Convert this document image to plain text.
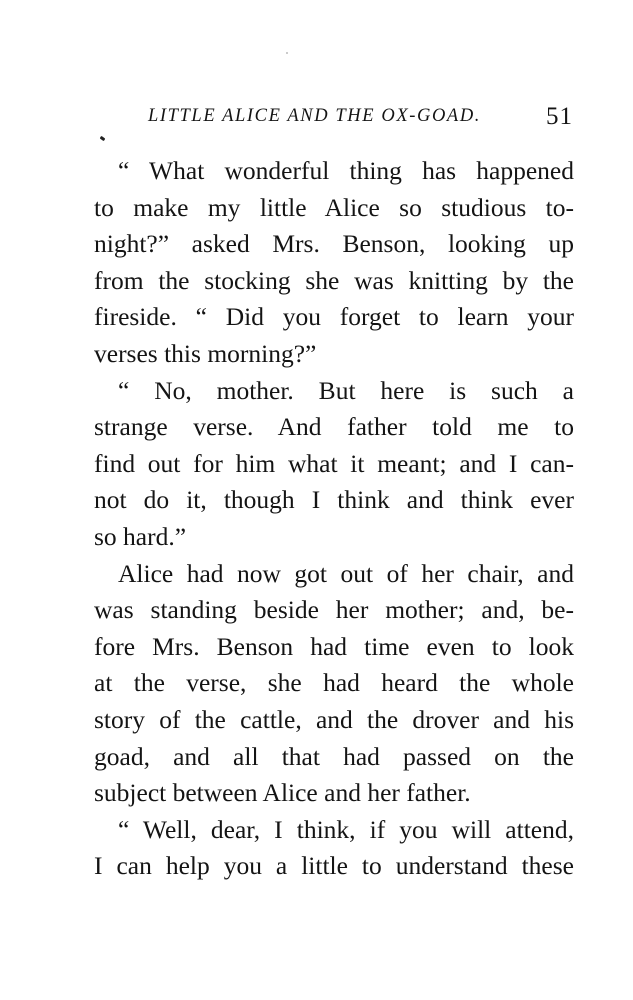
LITTLE ALICE AND THE OX-GOAD.	51
“ What wonderful thing has happened
to make my little Alice so studious to-
night?” asked Mrs. Benson, looking up
from the stocking she was knitting by the
fireside. “ Did you forget to learn your
verses this morning?”
“ No, mother. But here is such a
strange verse. And father told me to
find out for him what it meant; and I can-
not do it, though I think and think ever
so hard.”
Alice had now got out of her chair, and
was standing beside her mother; and, be-
fore Mrs. Benson had time even to look
at the verse, she had heard the whole
story of the cattle, and the drover and his
goad, and all that had passed on the
subject between Alice and her father.
“ Well, dear, I think, if you will attend,
I can help you a little to understand these
